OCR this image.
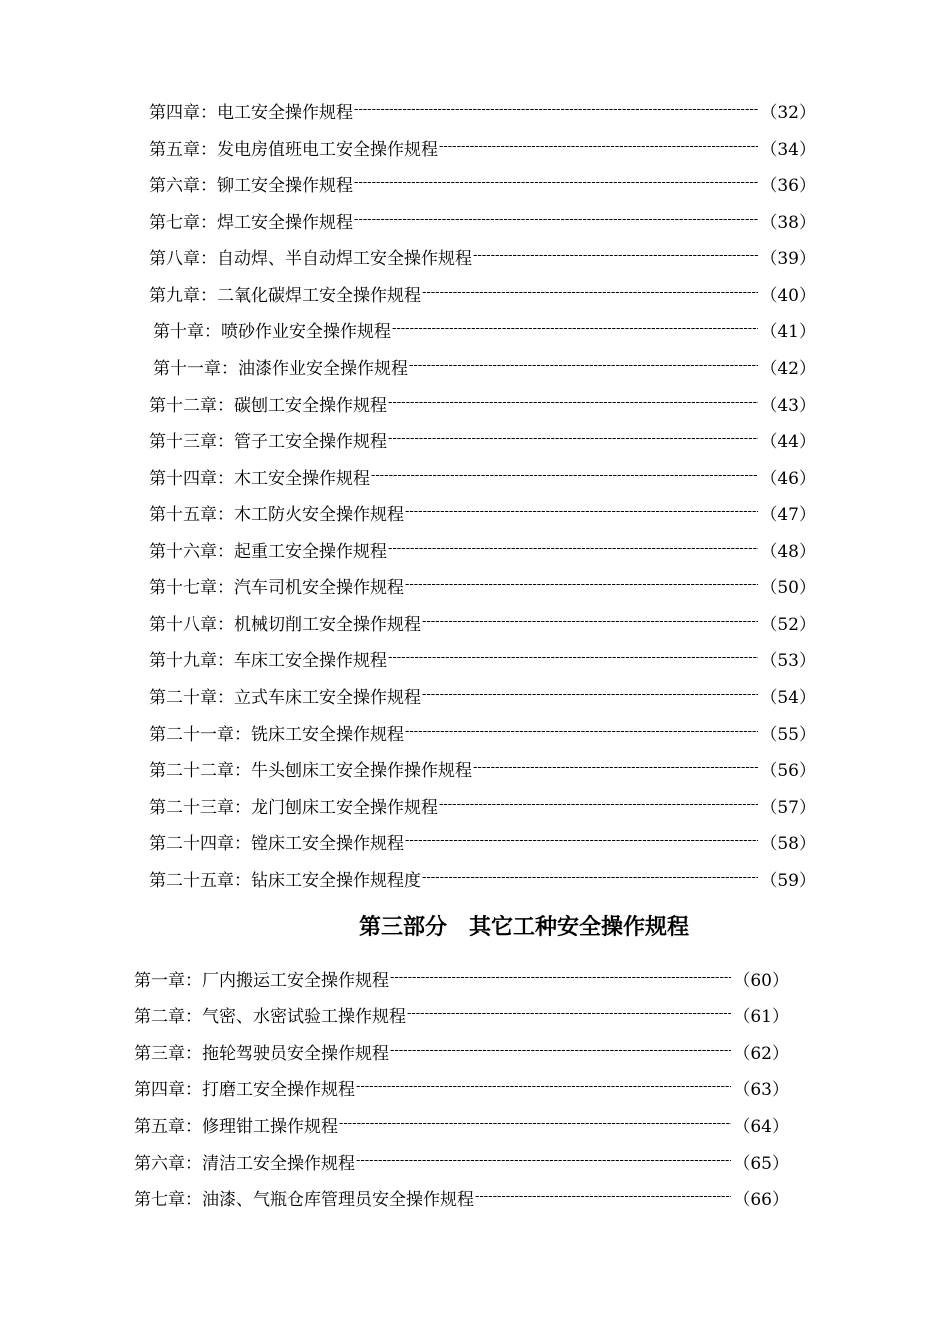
第四章： 电工安全操作规程 -----	（32）
第五章： 发电房值班电工安全操作规程 -----	（34）
第六章： 铆工安全操作规程 -----	（36）
第七章： 焊工安全操作规程 -----	（38）
第八章： 自动焊、半自动焊工安全操作规程 -----	（39）
第九章： 二氧化碳焊工安全操作规程 -----	（40）
第十章： 喷砂作业安全操作规程 -----	（41）
第十一章： 油漆作业安全操作规程 -----	（42）
第十二章： 碳刨工安全操作规程 -----	（43）
第十三章： 管子工安全操作规程 -----	（44）
第十四章： 木工安全操作规程 -----	（46）
第十五章： 木工防火安全操作规程 -----	（47）
第十六章： 起重工安全操作规程 -----	（48）
第十七章： 汽车司机安全操作规程 -----	（50）
第十八章： 机械切削工安全操作规程 -----	（52）
第十九章： 车床工安全操作规程 -----	（53）
第二十章： 立式车床工安全操作规程 -----	（54）
第二十一章： 铣床工安全操作规程 -----	（55）
第二十二章： 牛头刨床工安全操作操作规程 -----	（56）
第二十三章： 龙门刨床工安全操作规程 -----	（57）
第二十四章： 镗床工安全操作规程 -----	（58）
第二十五章： 钻床工安全操作规程度 -----	（59）
第三部分　其它工种安全操作规程
第一章： 厂内搬运工安全操作规程 -----	（60）
第二章： 气密、水密试验工操作规程 -----	（61）
第三章： 拖轮驾驶员安全操作规程 -----	（62）
第四章： 打磨工安全操作规程 -----	（63）
第五章： 修理钳工操作规程 -----	（64）
第六章： 清洁工安全操作规程 -----	（65）
第七章： 油漆、气瓶仓库管理员安全操作规程 -----	（66）
